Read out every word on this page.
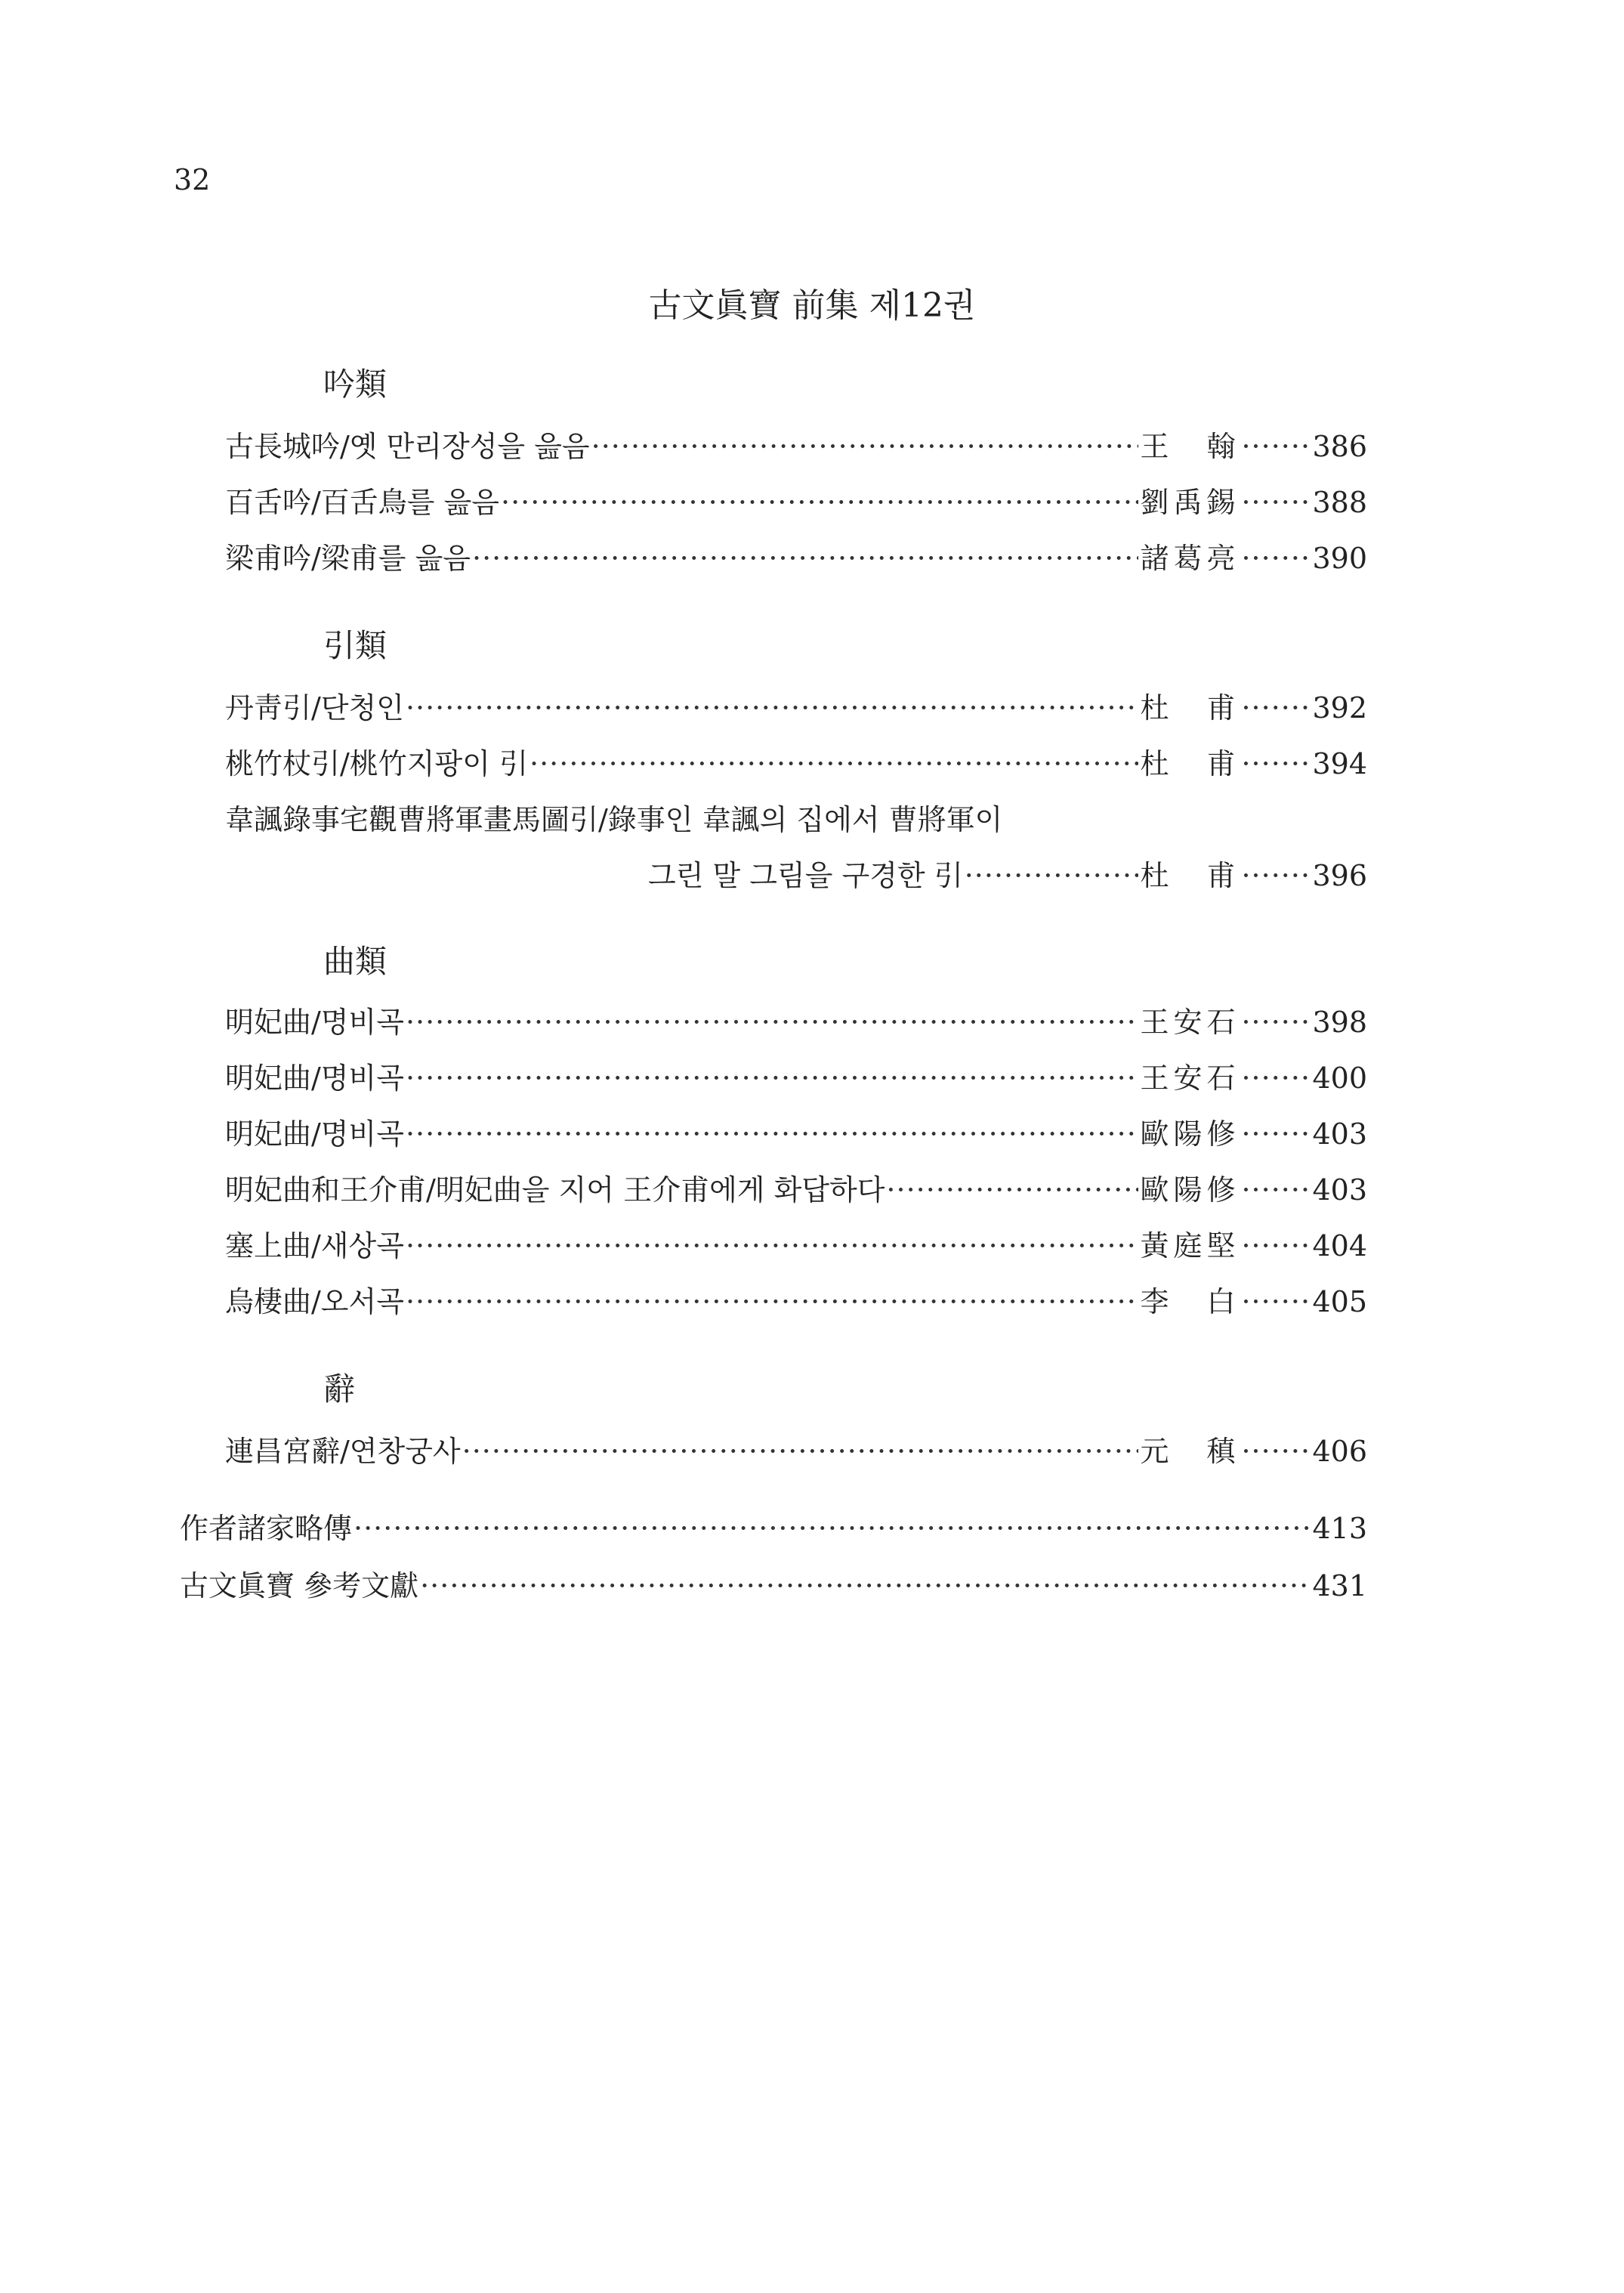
32
古文眞寶 前集 제12권
吟類
古長城吟/옛 만리장성을 읊음 ·····	王　翰 ·····	386
百舌吟/百舌鳥를 읊음 ·····	劉禹錫 ·····	388
梁甫吟/梁甫를 읊음 ·····	諸葛亮 ·····	390
引類
丹靑引/단청인 ·····	杜　甫 ·····	392
桃竹杖引/桃竹지팡이 引 ·····	杜　甫 ·····	394
韋諷錄事宅觀曹將軍畫馬圖引/錄事인 韋諷의 집에서 曹將軍이
그린 말 그림을 구경한 引 ·····	杜　甫 ·····	396
曲類
明妃曲/명비곡 ·····	王安石 ·····	398
明妃曲/명비곡 ·····	王安石 ·····	400
明妃曲/명비곡 ·····	歐陽修 ·····	403
明妃曲和王介甫/明妃曲을 지어 王介甫에게 화답하다 ·····	歐陽修 ·····	403
塞上曲/새상곡 ·····	黃庭堅 ·····	404
烏棲曲/오서곡 ·····	李　白 ·····	405
辭
連昌宮辭/연창궁사 ·····	元　稹 ·····	406
作者諸家略傳 ·····	413
古文眞寶 參考文獻 ·····	431
